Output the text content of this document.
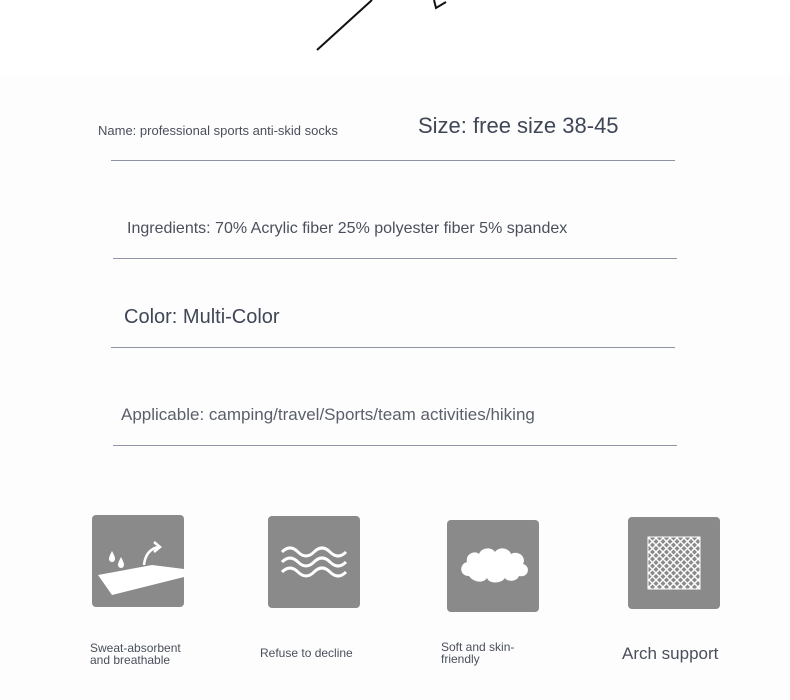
Name: professional sports anti-skid socks	Size: free size 38-45
Ingredients: 70% Acrylic fiber 25% polyester fiber 5% spandex
Color: Multi-Color
Applicable: camping/travel/Sports/team activities/hiking
Sweat-absorbent
and breathable	Refuse to decline	Soft and skin-
friendly	Arch support
